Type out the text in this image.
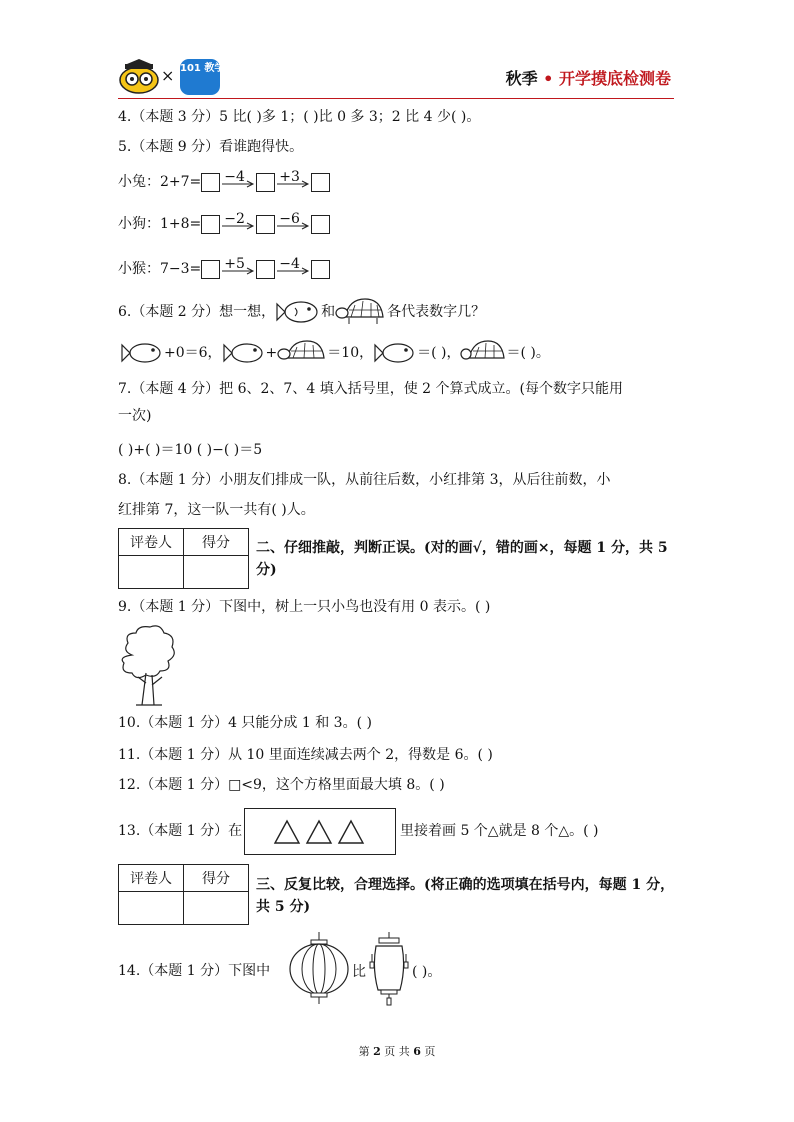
× 101 教学
秋季 • 开学摸底检测卷
4.（本题 3 分）5 比( )多 1；( )比 0 多 3；2 比 4 少( )。
5.（本题 9 分）看谁跑得快。
小兔：2+7= −4 +3
小狗：1+8= −2 −6
小猴：7−3= +5 −4
6.（本题 2 分）想一想，	和	各代表数字几？
+0＝6，	+	＝10，	＝( )，	＝( )。
7.（本题 4 分）把 6、2、7、4 填入括号里，使 2 个算式成立。(每个数字只能用
一次)
( )+( )＝10 ( )−( )＝5
8.（本题 1 分）小朋友们排成一队，从前往后数，小红排第 3，从后往前数，小
红排第 7，这一队一共有( )人。
评卷人	得分
	二、仔细推敲，判断正误。(对的画√，错的画×，每题 1 分，共 5 分)
9.（本题 1 分）下图中，树上一只小鸟也没有用 0 表示。( )
10.（本题 1 分）4 只能分成 1 和 3。( )
11.（本题 1 分）从 10 里面连续减去两个 2，得数是 6。( )
12.（本题 1 分）□<9，这个方格里面最大填 8。( )
13.（本题 1 分）在	里接着画 5 个△就是 8 个△。( )
评卷人	得分
	三、反复比较，合理选择。(将正确的选项填在括号内，每题 1 分，共 5 分)
14.（本题 1 分）下图中	比	( )。
第 2 页 共 6 页
